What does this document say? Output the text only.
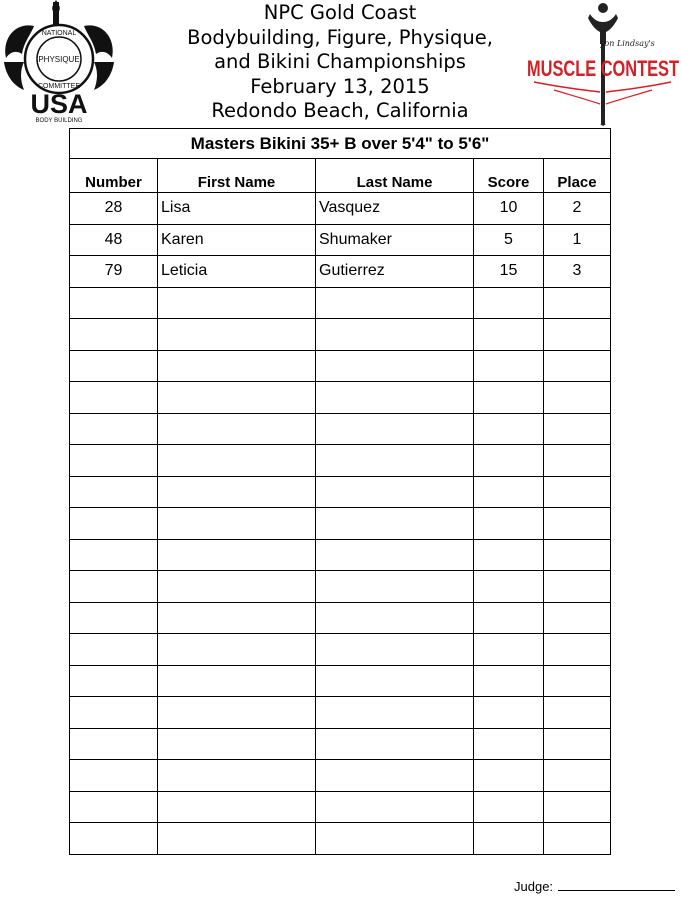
NATIONAL
PHYSIQUE
COMMITTEE
USA
BODY BUILDING
NPC Gold Coast
Bodybuilding, Figure, Physique,
and Bikini Championships
February 13, 2015
Redondo Beach, California
Jon Lindsay's
MUSCLE CONTEST
Masters Bikini 35+ B over 5'4" to 5'6"				
Number	First Name	Last Name	Score	Place
28	Lisa	Vasquez	10	2
48	Karen	Shumaker	5	1
79	Leticia	Gutierrez	15	3

Judge:
